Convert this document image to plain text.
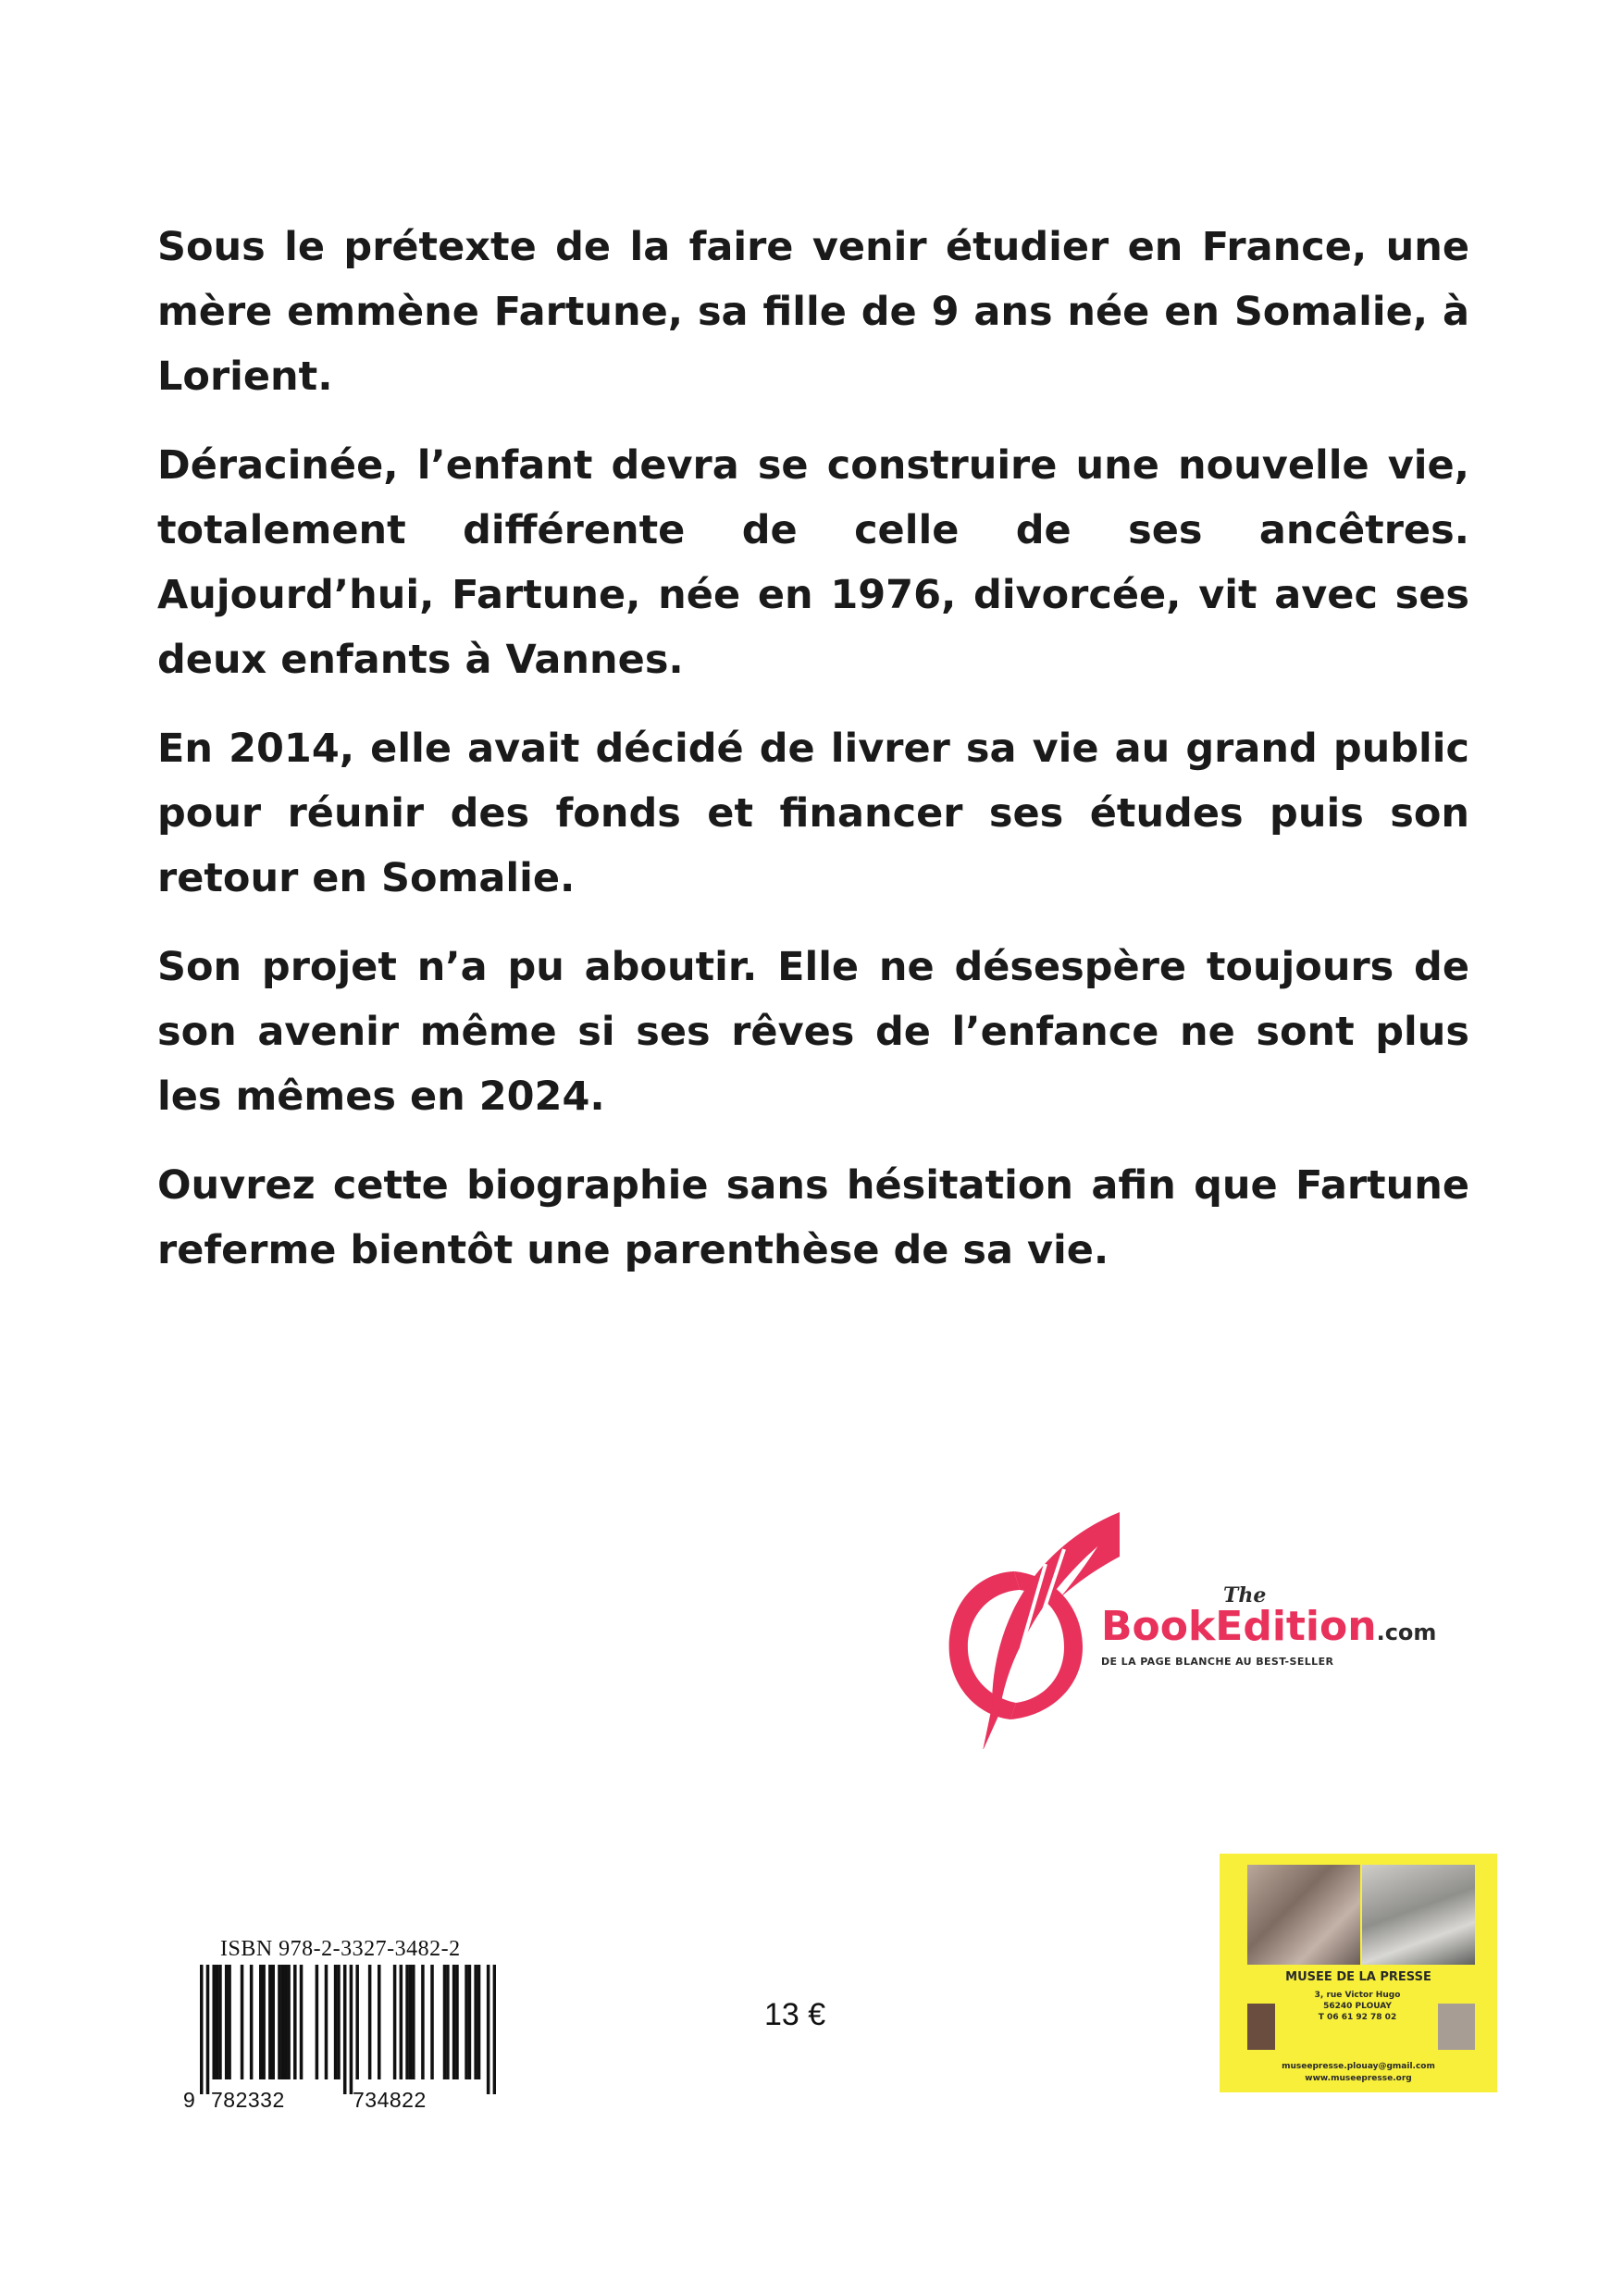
Sous le prétexte de la faire venir étudier en France, une mère emmène Fartune, sa fille de 9 ans née en Somalie, à Lorient.

Déracinée, l’enfant devra se construire une nouvelle vie, totalement différente de celle de ses ancêtres. Aujourd’hui, Fartune, née en 1976, divorcée, vit avec ses deux enfants à Vannes.

En 2014, elle avait décidé de livrer sa vie au grand public pour réunir des fonds et financer ses études puis son retour en Somalie.

Son projet n’a pu aboutir. Elle ne désespère toujours de son avenir même si ses rêves de l’enfance ne sont plus les mêmes en 2024.

Ouvrez cette biographie sans hésitation afin que Fartune referme bientôt une parenthèse de sa vie.

The
BookEdition.com
DE LA PAGE BLANCHE AU BEST-SELLER
ISBN 978-2-3327-3482-2
9 782332	734822
13 €
MUSEE DE LA PRESSE
3, rue Victor Hugo
56240 PLOUAY
T 06 61 92 78 02
museepresse.plouay@gmail.com
www.museepresse.org
